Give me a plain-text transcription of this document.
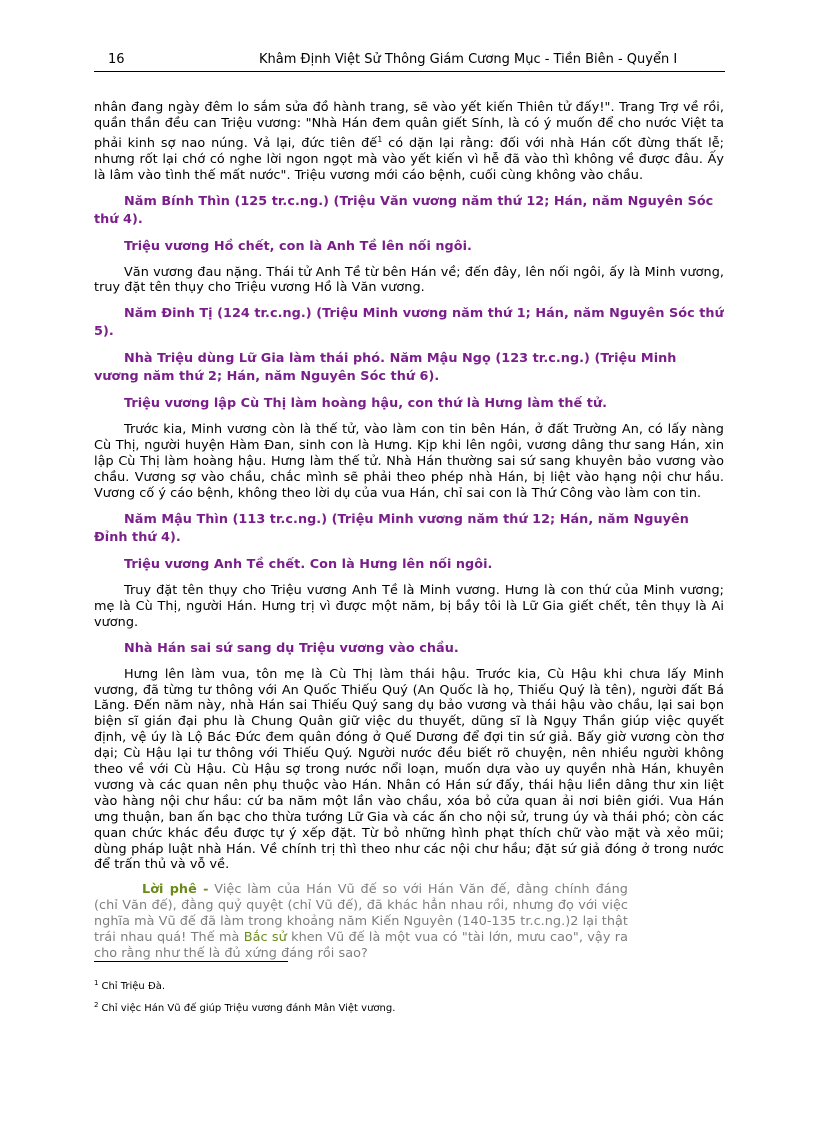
16	Khâm Định Việt Sử Thông Giám Cương Mục - Tiền Biên - Quyển I

nhân đang ngày đêm lo sắm sửa đồ hành trang, sẽ vào yết kiến Thiên tử đấy!". Trang Trợ về rồi, quần thần đều can Triệu vương: "Nhà Hán đem quân giết Sính, là có ý muốn để cho nước Việt ta phải kinh sợ nao núng. Vả lại, đức tiên đế$^1$ có dặn lại rằng: đối với nhà Hán cốt đừng thất lễ; nhưng rốt lại chớ có nghe lời ngon ngọt mà vào yết kiến vì hễ đã vào thì không về được đâu. Ấy là lâm vào tình thế mất nước". Triệu vương mới cáo bệnh, cuối cùng không vào chầu.

Năm Bính Thìn (125 tr.c.ng.) (Triệu Văn vương năm thứ 12; Hán, năm Nguyên Sóc thứ 4).

Triệu vương Hồ chết, con là Anh Tề lên nối ngôi.

Văn vương đau nặng. Thái tử Anh Tề từ bên Hán về; đến đây, lên nối ngôi, ấy là Minh vương, truy đặt tên thụy cho Triệu vương Hồ là Văn vương.

Năm Đinh Tị (124 tr.c.ng.) (Triệu Minh vương năm thứ 1; Hán, năm Nguyên Sóc thứ 5).

Nhà Triệu dùng Lữ Gia làm thái phó. Năm Mậu Ngọ (123 tr.c.ng.) (Triệu Minh vương năm thứ 2; Hán, năm Nguyên Sóc thứ 6).

Triệu vương lập Cù Thị làm hoàng hậu, con thứ là Hưng làm thế tử.

Trước kia, Minh vương còn là thế tử, vào làm con tin bên Hán, ở đất Trường An, có lấy nàng Cù Thị, người huyện Hàm Đan, sinh con là Hưng. Kịp khi lên ngôi, vương dâng thư sang Hán, xin lập Cù Thị làm hoàng hậu. Hưng làm thế tử. Nhà Hán thường sai sứ sang khuyên bảo vương vào chầu. Vương sợ vào chầu, chắc mình sẽ phải theo phép nhà Hán, bị liệt vào hạng nội chư hầu. Vương cố ý cáo bệnh, không theo lời dụ của vua Hán, chỉ sai con là Thứ Công vào làm con tin.

Năm Mậu Thìn (113 tr.c.ng.) (Triệu Minh vương năm thứ 12; Hán, năm Nguyên Đỉnh thứ 4).

Triệu vương Anh Tề chết. Con là Hưng lên nối ngôi.

Truy đặt tên thụy cho Triệu vương Anh Tề là Minh vương. Hưng là con thứ của Minh vương; mẹ là Cù Thị, người Hán. Hưng trị vì được một năm, bị bầy tôi là Lữ Gia giết chết, tên thụy là Ai vương.

Nhà Hán sai sứ sang dụ Triệu vương vào chầu.

Hưng lên làm vua, tôn mẹ là Cù Thị làm thái hậu. Trước kia, Cù Hậu khi chưa lấy Minh vương, đã từng tư thông với An Quốc Thiếu Quý (An Quốc là họ, Thiếu Quý là tên), người đất Bá Lăng. Đến năm này, nhà Hán sai Thiếu Quý sang dụ bảo vương và thái hậu vào chầu, lại sai bọn biện sĩ gián đại phu là Chung Quân giữ việc du thuyết, dũng sĩ là Ngụy Thần giúp việc quyết định, vệ úy là Lộ Bác Đức đem quân đóng ở Quế Dương để đợi tin sứ giả. Bấy giờ vương còn thơ dại; Cù Hậu lại tư thông với Thiếu Quý. Người nước đều biết rõ chuyện, nên nhiều người không theo về với Cù Hậu. Cù Hậu sợ trong nước nổi loạn, muốn dựa vào uy quyền nhà Hán, khuyên vương và các quan nên phụ thuộc vào Hán. Nhân có Hán sứ đấy, thái hậu liền dâng thư xin liệt vào hàng nội chư hầu: cứ ba năm một lần vào chầu, xóa bỏ cửa quan ải nơi biên giới. Vua Hán ưng thuận, ban ấn bạc cho thừa tướng Lữ Gia và các ấn cho nội sử, trung úy và thái phó; còn các quan chức khác đều được tự ý xếp đặt. Từ bỏ những hình phạt thích chữ vào mặt và xẻo mũi; dùng pháp luật nhà Hán. Về chính trị thì theo như các nội chư hầu; đặt sứ giả đóng ở trong nước để trấn thủ và vỗ về.

Lời phê - Việc làm của Hán Vũ đế so với Hán Văn đế, đằng chính đáng (chỉ Văn đế), đằng quỷ quyệt (chỉ Vũ đế), đã khác hẳn nhau rồi, nhưng đọ với việc nghĩa mà Vũ đế đã làm trong khoảng năm Kiến Nguyên (140-135 tr.c.ng.)2 lại thật trái nhau quá! Thế mà Bắc sử khen Vũ đế là một vua có "tài lớn, mưu cao", vậy ra cho rằng như thế là đủ xứng đáng rồi sao?

$^1$ Chỉ Triệu Đà.
$^2$ Chỉ việc Hán Vũ đế giúp Triệu vương đánh Mân Việt vương.
